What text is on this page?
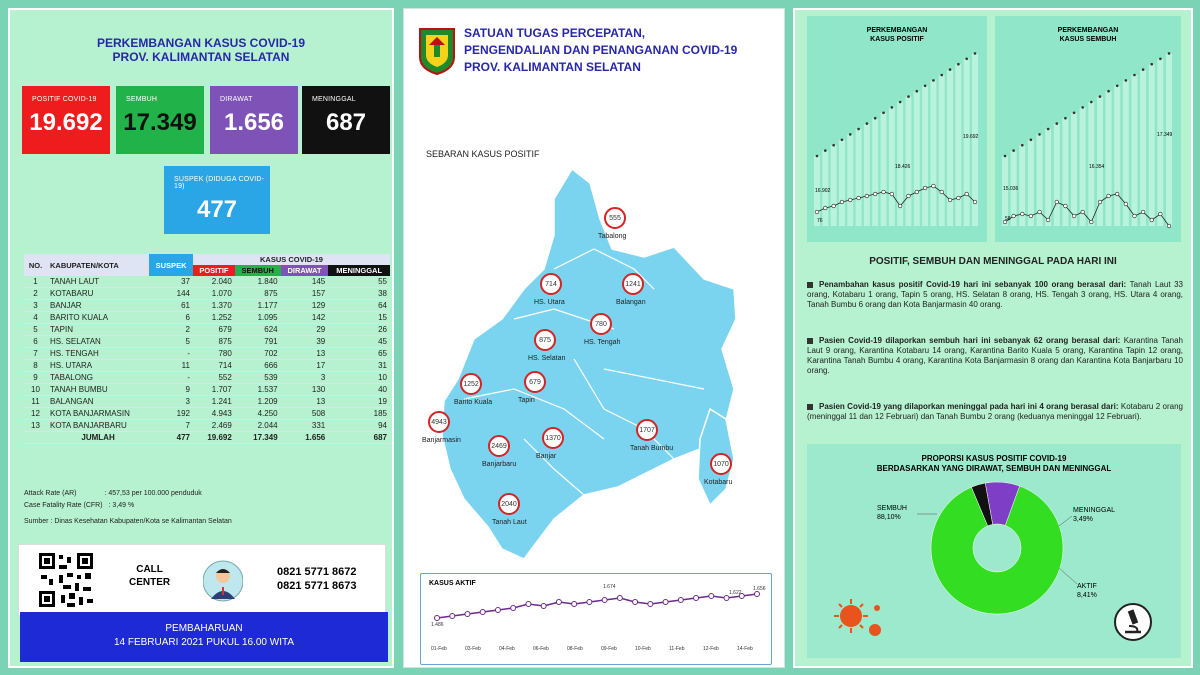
PERKEMBANGAN KASUS COVID-19
PROV. KALIMANTAN SELATAN
POSITIF COVID-19
19.692
SEMBUH
17.349
DIRAWAT
1.656
MENINGGAL
687
SUSPEK (DIDUGA COVID-19)
477
NO.	KABUPATEN/KOTA	SUSPEK	KASUS COVID-19			
			POSITIF	SEMBUH	DIRAWAT	MENINGGAL
1	TANAH LAUT	37	2.040	1.840	145	55
2	KOTABARU	144	1.070	875	157	38
3	BANJAR	61	1.370	1.177	129	64
4	BARITO KUALA	6	1.252	1.095	142	15
5	TAPIN	2	679	624	29	26
6	HS. SELATAN	5	875	791	39	45
7	HS. TENGAH	-	780	702	13	65
8	HS. UTARA	11	714	666	17	31
9	TABALONG	-	552	539	3	10
10	TANAH BUMBU	9	1.707	1.537	130	40
11	BALANGAN	3	1.241	1.209	13	19
12	KOTA BANJARMASIN	192	4.943	4.250	508	185
13	KOTA BANJARBARU	7	2.469	2.044	331	94
	JUMLAH	477	19.692	17.349	1.656	687
Attack Rate (AR)	: 457,53 per 100.000 penduduk
Case Fatality Rate (CFR) : 3,49 %
Sumber : Dinas Kesehatan Kabupaten/Kota se Kalimantan Selatan
CALL
CENTER
0821 5771 8672
0821 5771 8673
PEMBAHARUAN
14 FEBRUARI 2021 PUKUL 16.00 WITA
SATUAN TUGAS PERCEPATAN,
PENGENDALIAN DAN PENANGANAN COVID-19
PROV. KALIMANTAN SELATAN
SEBARAN KASUS POSITIF
555
Tabalong
714
HS. Utara
1241
Balangan
875
HS. Selatan
780
HS. Tengah
1252
Barito Kuala
679
Tapin
4943
Banjarmasin
2469
Banjarbaru
1370
Banjar
1707
Tanah Bumbu
1070
Kotabaru
2040
Tanah Laut
KASUS AKTIF
1.486
1.674
1.622
1.656
01-Feb	03-Feb	04-Feb	06-Feb	08-Feb	09-Feb	10-Feb	11-Feb	12-Feb	14-Feb
PERKEMBANGAN
KASUS POSITIF
19.692
18.426
16.902
76
PERKEMBANGAN
KASUS SEMBUH
17.349
16.354
15.036
58
POSITIF, SEMBUH DAN MENINGGAL PADA HARI INI
Penambahan kasus positif Covid-19 hari ini sebanyak 100 orang berasal dari: Tanah Laut 33 orang, Kotabaru 1 orang, Tapin 5 orang, HS. Selatan 8 orang, HS. Tengah 3 orang, HS. Utara 4 orang, Tanah Bumbu 6 orang dan Kota Banjarmasin 40 orang.
Pasien Covid-19 dilaporkan sembuh hari ini sebanyak 62 orang berasal dari: Karantina Tanah Laut 9 orang, Karantina Kotabaru 14 orang, Karantina Barito Kuala 5 orang, Karantina Tapin 12 orang, Karantina Tanah Bumbu 4 orang, Karantina Kota Banjarmasin 8 orang dan Karantina Kota Banjarbaru 10 orang.
Pasien Covid-19 yang dilaporkan meninggal pada hari ini 4 orang berasal dari: Kotabaru 2 orang (meninggal 11 dan 12 Februari) dan Tanah Bumbu 2 orang (keduanya meninggal 12 Februari).
PROPORSI KASUS POSITIF COVID-19
BERDASARKAN YANG DIRAWAT, SEMBUH DAN MENINGGAL
SEMBUH
88,10%
MENINGGAL
3,49%
AKTIF
8,41%
